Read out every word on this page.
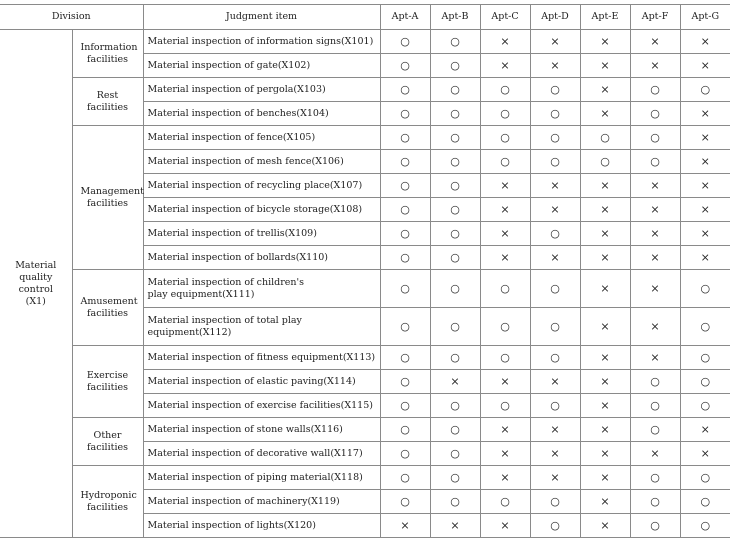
Division		Judgment item	Apt-A	Apt-B	Apt-C	Apt-D	Apt-E	Apt-F	Apt-G
Material quality control (X1)	Information facilities	Material inspection of information signs(X101)	○	○	×	×	×	×	×
		Material inspection of gate(X102)	○	○	×	×	×	×	×
	Rest facilities	Material inspection of pergola(X103)	○	○	○	○	×	○	○
		Material inspection of benches(X104)	○	○	○	○	×	○	×
	Management facilities	Material inspection of fence(X105)	○	○	○	○	○	○	×
		Material inspection of mesh fence(X106)	○	○	○	○	○	○	×
		Material inspection of recycling place(X107)	○	○	×	×	×	×	×
		Material inspection of bicycle storage(X108)	○	○	×	×	×	×	×
		Material inspection of trellis(X109)	○	○	×	○	×	×	×
		Material inspection of bollards(X110)	○	○	×	×	×	×	×
	Amusement facilities	Material inspection of children's play equipment(X111)	○	○	○	○	×	×	○
		Material inspection of total play equipment(X112)	○	○	○	○	×	×	○
	Exercise facilities	Material inspection of fitness equipment(X113)	○	○	○	○	×	×	○
		Material inspection of elastic paving(X114)	○	×	×	×	×	○	○
		Material inspection of exercise facilities(X115)	○	○	○	○	×	○	○
	Other facilities	Material inspection of stone walls(X116)	○	○	×	×	×	○	×
		Material inspection of decorative wall(X117)	○	○	×	×	×	×	×
	Hydroponic facilities	Material inspection of piping material(X118)	○	○	×	×	×	○	○
		Material inspection of machinery(X119)	○	○	○	○	×	○	○
		Material inspection of lights(X120)	×	×	×	○	×	○	○
